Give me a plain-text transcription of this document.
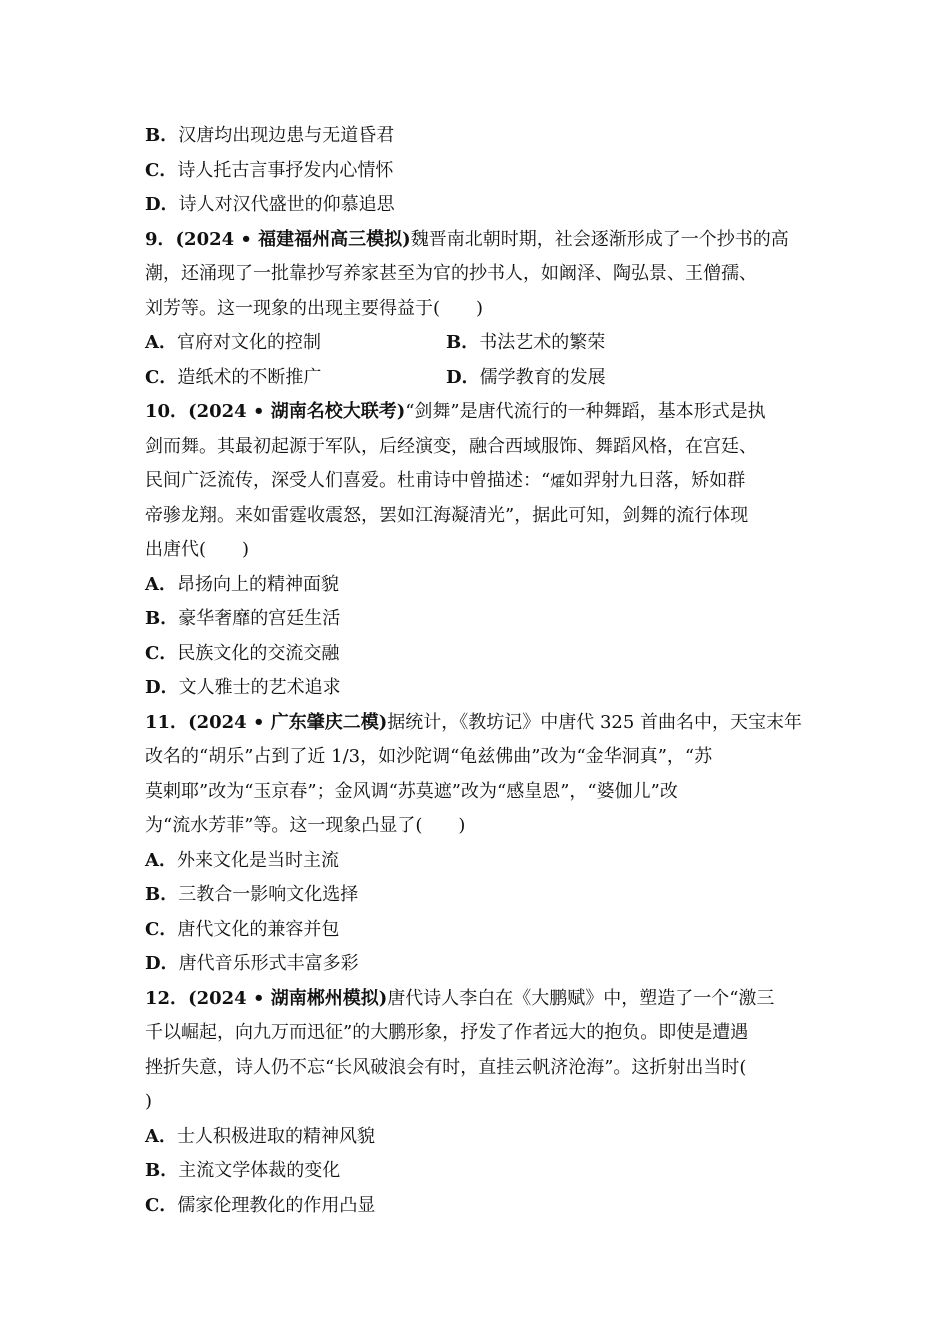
B．汉唐均出现边患与无道昏君
C．诗人托古言事抒发内心情怀
D．诗人对汉代盛世的仰慕追思
9．(2024 • 福建福州高三模拟)魏晋南北朝时期，社会逐渐形成了一个抄书的高
潮，还涌现了一批靠抄写养家甚至为官的抄书人，如阚泽、陶弘景、王僧孺、
刘芳等。这一现象的出现主要得益于(　　)
A．官府对文化的控制	B．书法艺术的繁荣
C．造纸术的不断推广	D．儒学教育的发展
10．(2024 • 湖南名校大联考)“剑舞”是唐代流行的一种舞蹈，基本形式是执
剑而舞。其最初起源于军队，后经演变，融合西域服饰、舞蹈风格，在宫廷、
民间广泛流传，深受人们喜爱。杜甫诗中曾描述：“㸌如羿射九日落，矫如群
帝骖龙翔。来如雷霆收震怒，罢如江海凝清光”，据此可知，剑舞的流行体现
出唐代(　　)
A．昂扬向上的精神面貌
B．豪华奢靡的宫廷生活
C．民族文化的交流交融
D．文人雅士的艺术追求
11．(2024 • 广东肇庆二模)据统计，《教坊记》中唐代 325 首曲名中，天宝末年
改名的“胡乐”占到了近 1/3，如沙陀调“龟兹佛曲”改为“金华洞真”，“苏
莫剌耶”改为“玉京春”；金风调“苏莫遮”改为“感皇恩”，“婆伽儿”改
为“流水芳菲”等。这一现象凸显了(　　)
A．外来文化是当时主流
B．三教合一影响文化选择
C．唐代文化的兼容并包
D．唐代音乐形式丰富多彩
12．(2024 • 湖南郴州模拟)唐代诗人李白在《大鹏赋》中，塑造了一个“激三
千以崛起，向九万而迅征”的大鹏形象，抒发了作者远大的抱负。即使是遭遇
挫折失意，诗人仍不忘“长风破浪会有时，直挂云帆济沧海”。这折射出当时(
)
A．士人积极进取的精神风貌
B．主流文学体裁的变化
C．儒家伦理教化的作用凸显
